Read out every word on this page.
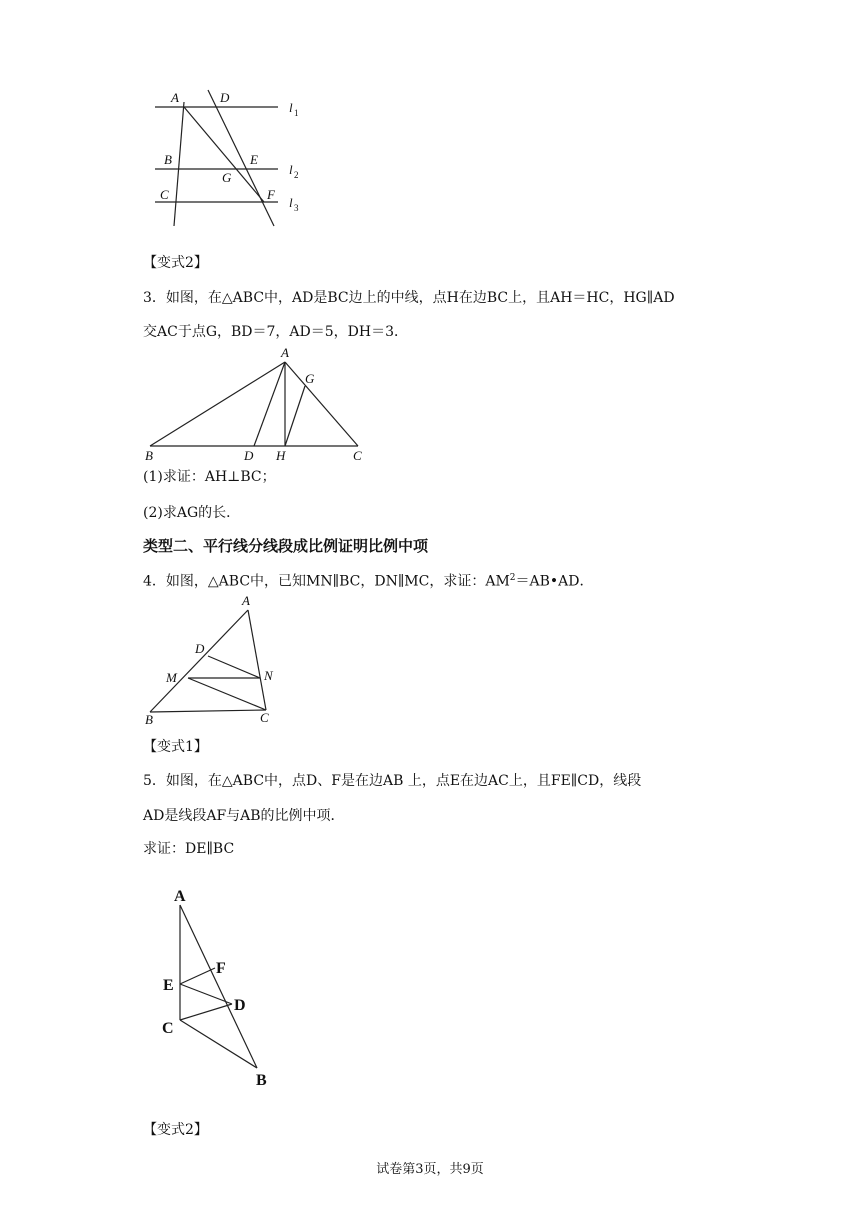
A	D
B	E
G
C	F
l 1
l 2
l 3
【变式2】
3．如图，在△ABC中，AD是BC边上的中线，点H在边BC上，且AH＝HC，HG∥AD
交AC于点G，BD＝7，AD＝5，DH＝3．
A
G
B	D H	C
(1)求证：AH⊥BC；
(2)求AG的长．
类型二、平行线分线段成比例证明比例中项
4．如图，△ABC中，已知MN∥BC，DN∥MC，求证：$AM^2=AB•AD$．
A
D
M	N
B	C
【变式1】
5．如图，在△ABC中，点D、F是在边AB 上，点E在边AC上，且FE∥CD，线段
AD是线段AF与AB的比例中项．
求证：DE∥BC
A
F
E
D
C
B
【变式2】
试卷第3页，共9页
